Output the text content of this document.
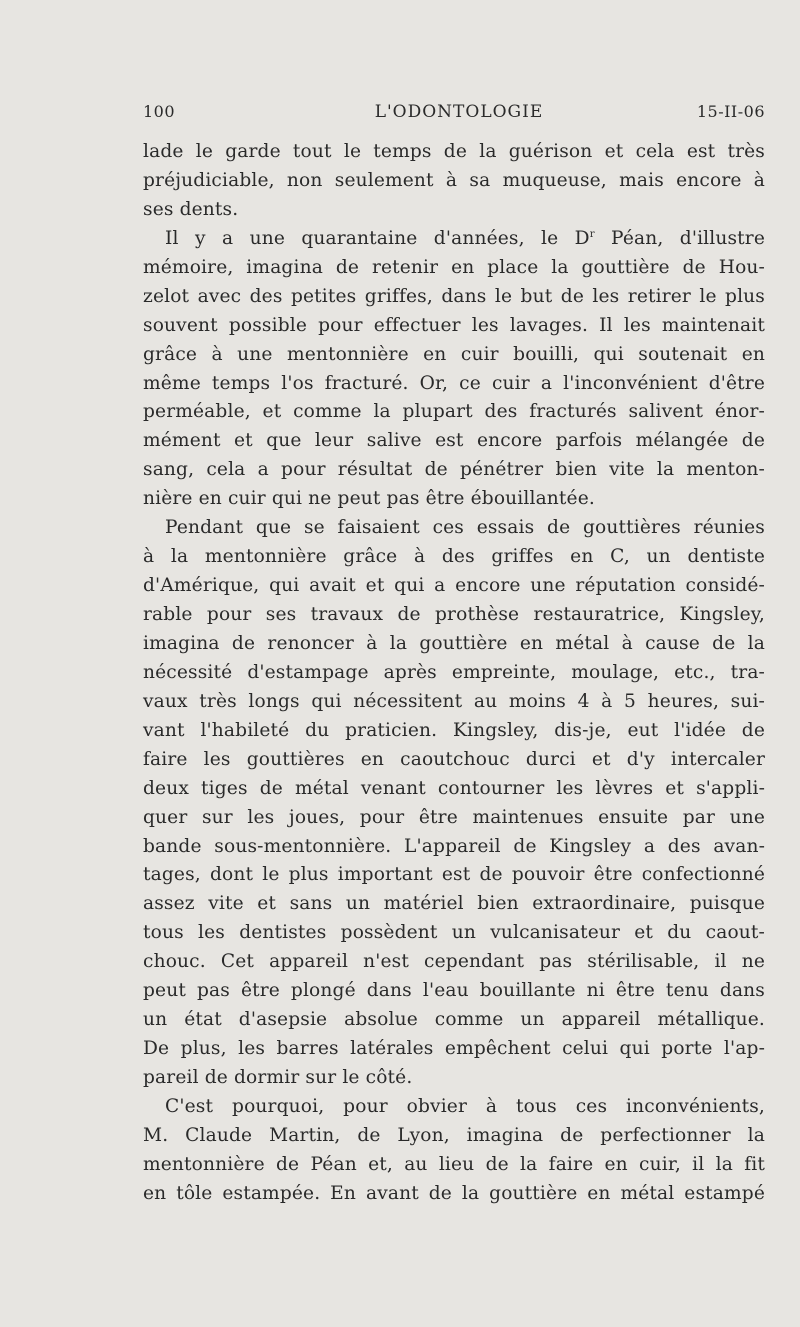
100	L'ODONTOLOGIE	15-II-06
lade le garde tout le temps de la guérison et cela est très
préjudiciable, non seulement à sa muqueuse, mais encore à
ses dents.
Il y a une quarantaine d'années, le $D^r$ Péan, d'illustre
mémoire, imagina de retenir en place la gouttière de Hou-
zelot avec des petites griffes, dans le but de les retirer le plus
souvent possible pour effectuer les lavages. Il les maintenait
grâce à une mentonnière en cuir bouilli, qui soutenait en
même temps l'os fracturé. Or, ce cuir a l'inconvénient d'être
perméable, et comme la plupart des fracturés salivent énor-
mément et que leur salive est encore parfois mélangée de
sang, cela a pour résultat de pénétrer bien vite la menton-
nière en cuir qui ne peut pas être ébouillantée.
Pendant que se faisaient ces essais de gouttières réunies
à la mentonnière grâce à des griffes en C, un dentiste
d'Amérique, qui avait et qui a encore une réputation considé-
rable pour ses travaux de prothèse restauratrice, Kingsley,
imagina de renoncer à la gouttière en métal à cause de la
nécessité d'estampage après empreinte, moulage, etc., tra-
vaux très longs qui nécessitent au moins 4 à 5 heures, sui-
vant l'habileté du praticien. Kingsley, dis-je, eut l'idée de
faire les gouttières en caoutchouc durci et d'y intercaler
deux tiges de métal venant contourner les lèvres et s'appli-
quer sur les joues, pour être maintenues ensuite par une
bande sous-mentonnière. L'appareil de Kingsley a des avan-
tages, dont le plus important est de pouvoir être confectionné
assez vite et sans un matériel bien extraordinaire, puisque
tous les dentistes possèdent un vulcanisateur et du caout-
chouc. Cet appareil n'est cependant pas stérilisable, il ne
peut pas être plongé dans l'eau bouillante ni être tenu dans
un état d'asepsie absolue comme un appareil métallique.
De plus, les barres latérales empêchent celui qui porte l'ap-
pareil de dormir sur le côté.
C'est pourquoi, pour obvier à tous ces inconvénients,
M. Claude Martin, de Lyon, imagina de perfectionner la
mentonnière de Péan et, au lieu de la faire en cuir, il la fit
en tôle estampée. En avant de la gouttière en métal estampé
